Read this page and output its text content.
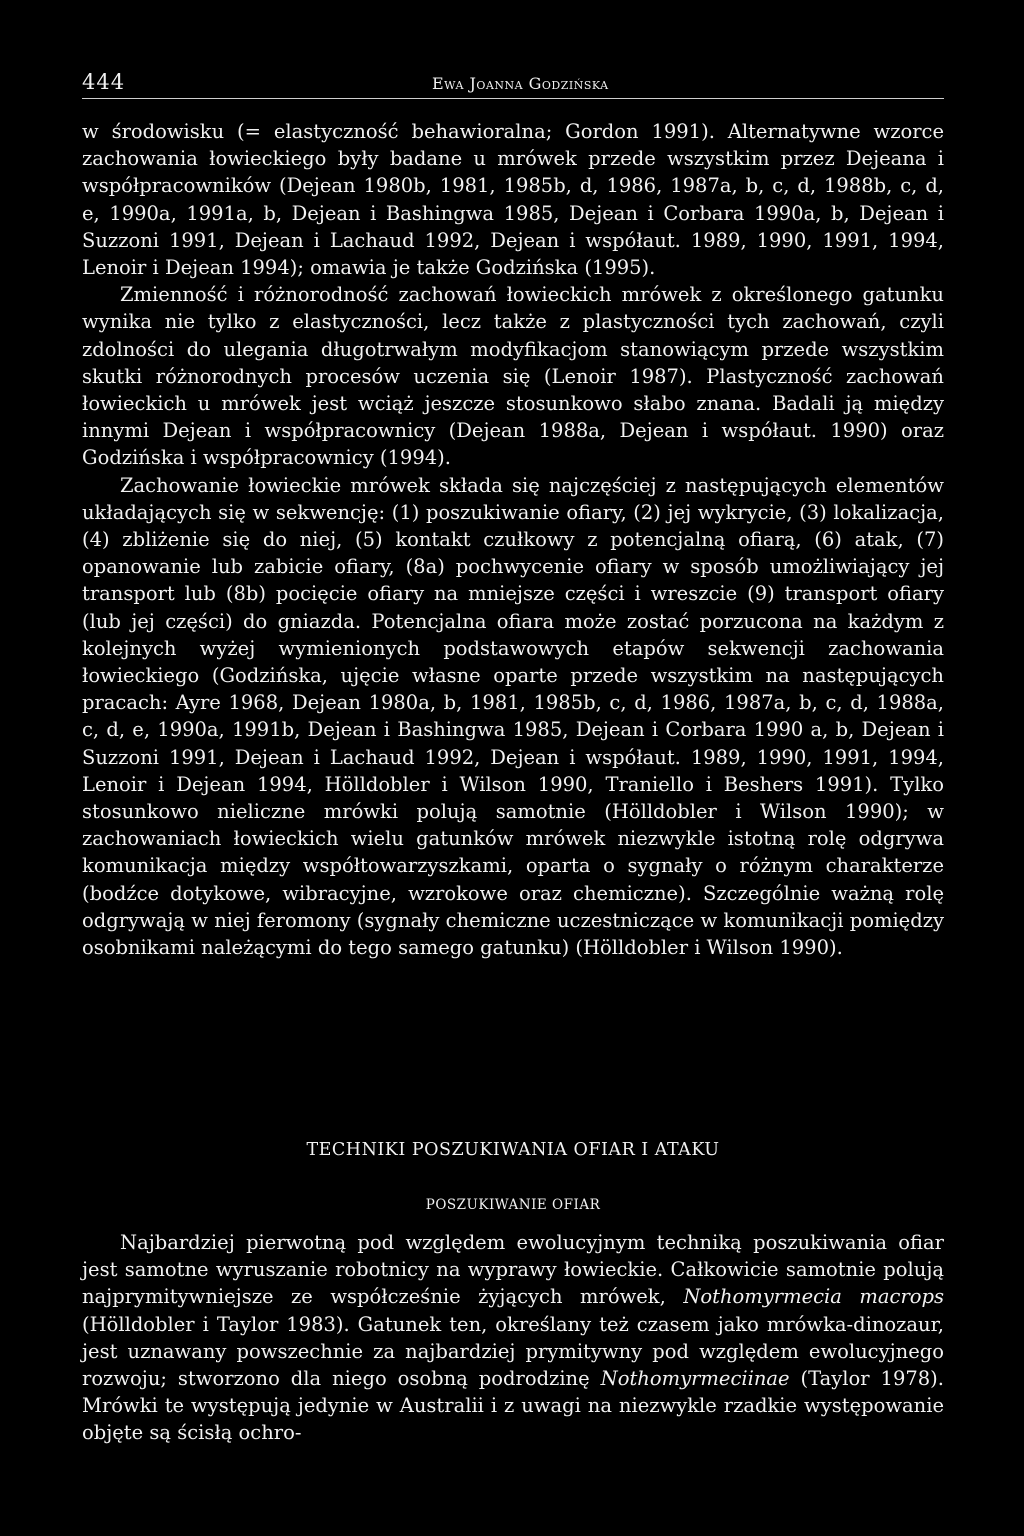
444	Ewa Joanna Godzińska

w środowisku (= elastyczność behawioralna; Gordon 1991). Alternatywne wzorce zachowania łowieckiego były badane u mrówek przede wszystkim przez Dejeana i współpracowników (Dejean 1980b, 1981, 1985b, d, 1986, 1987a, b, c, d, 1988b, c, d, e, 1990a, 1991a, b, Dejean i Bashingwa 1985, Dejean i Corbara 1990a, b, Dejean i Suzzoni 1991, Dejean i Lachaud 1992, Dejean i współaut. 1989, 1990, 1991, 1994, Lenoir i Dejean 1994); omawia je także Godzińska (1995).

Zmienność i różnorodność zachowań łowieckich mrówek z określonego gatunku wynika nie tylko z elastyczności, lecz także z plastyczności tych zachowań, czyli zdolności do ulegania długotrwałym modyfikacjom stanowiącym przede wszystkim skutki różnorodnych procesów uczenia się (Lenoir 1987). Plastyczność zachowań łowieckich u mrówek jest wciąż jeszcze stosunkowo słabo znana. Badali ją między innymi Dejean i współpracownicy (Dejean 1988a, Dejean i współaut. 1990) oraz Godzińska i współpracownicy (1994).

Zachowanie łowieckie mrówek składa się najczęściej z następujących elementów układających się w sekwencję: (1) poszukiwanie ofiary, (2) jej wykrycie, (3) lokalizacja, (4) zbliżenie się do niej, (5) kontakt czułkowy z potencjalną ofiarą, (6) atak, (7) opanowanie lub zabicie ofiary, (8a) pochwycenie ofiary w sposób umożliwiający jej transport lub (8b) pocięcie ofiary na mniejsze części i wreszcie (9) transport ofiary (lub jej części) do gniazda. Potencjalna ofiara może zostać porzucona na każdym z kolejnych wyżej wymienionych podstawowych etapów sekwencji zachowania łowieckiego (Godzińska, ujęcie własne oparte przede wszystkim na następujących pracach: Ayre 1968, Dejean 1980a, b, 1981, 1985b, c, d, 1986, 1987a, b, c, d, 1988a, c, d, e, 1990a, 1991b, Dejean i Bashingwa 1985, Dejean i Corbara 1990 a, b, Dejean i Suzzoni 1991, Dejean i Lachaud 1992, Dejean i współaut. 1989, 1990, 1991, 1994, Lenoir i Dejean 1994, Hölldobler i Wilson 1990, Traniello i Beshers 1991). Tylko stosunkowo nieliczne mrówki polują samotnie (Hölldobler i Wilson 1990); w zachowaniach łowieckich wielu gatunków mrówek niezwykle istotną rolę odgrywa komunikacja między współtowarzyszkami, oparta o sygnały o różnym charakterze (bodźce dotykowe, wibracyjne, wzrokowe oraz chemiczne). Szczególnie ważną rolę odgrywają w niej feromony (sygnały chemiczne uczestniczące w komunikacji pomiędzy osobnikami należącymi do tego samego gatunku) (Hölldobler i Wilson 1990).

TECHNIKI POSZUKIWANIA OFIAR I ATAKU
POSZUKIWANIE OFIAR

Najbardziej pierwotną pod względem ewolucyjnym techniką poszukiwania ofiar jest samotne wyruszanie robotnicy na wyprawy łowieckie. Całkowicie samotnie polują najprymitywniejsze ze współcześnie żyjących mrówek, Nothomyrmecia macrops (Hölldobler i Taylor 1983). Gatunek ten, określany też czasem jako mrówka-dinozaur, jest uznawany powszechnie za najbardziej prymitywny pod względem ewolucyjnego rozwoju; stworzono dla niego osobną podrodzinę Nothomyrmeciinae (Taylor 1978). Mrówki te występują jedynie w Australii i z uwagi na niezwykle rzadkie występowanie objęte są ścisłą ochro-
